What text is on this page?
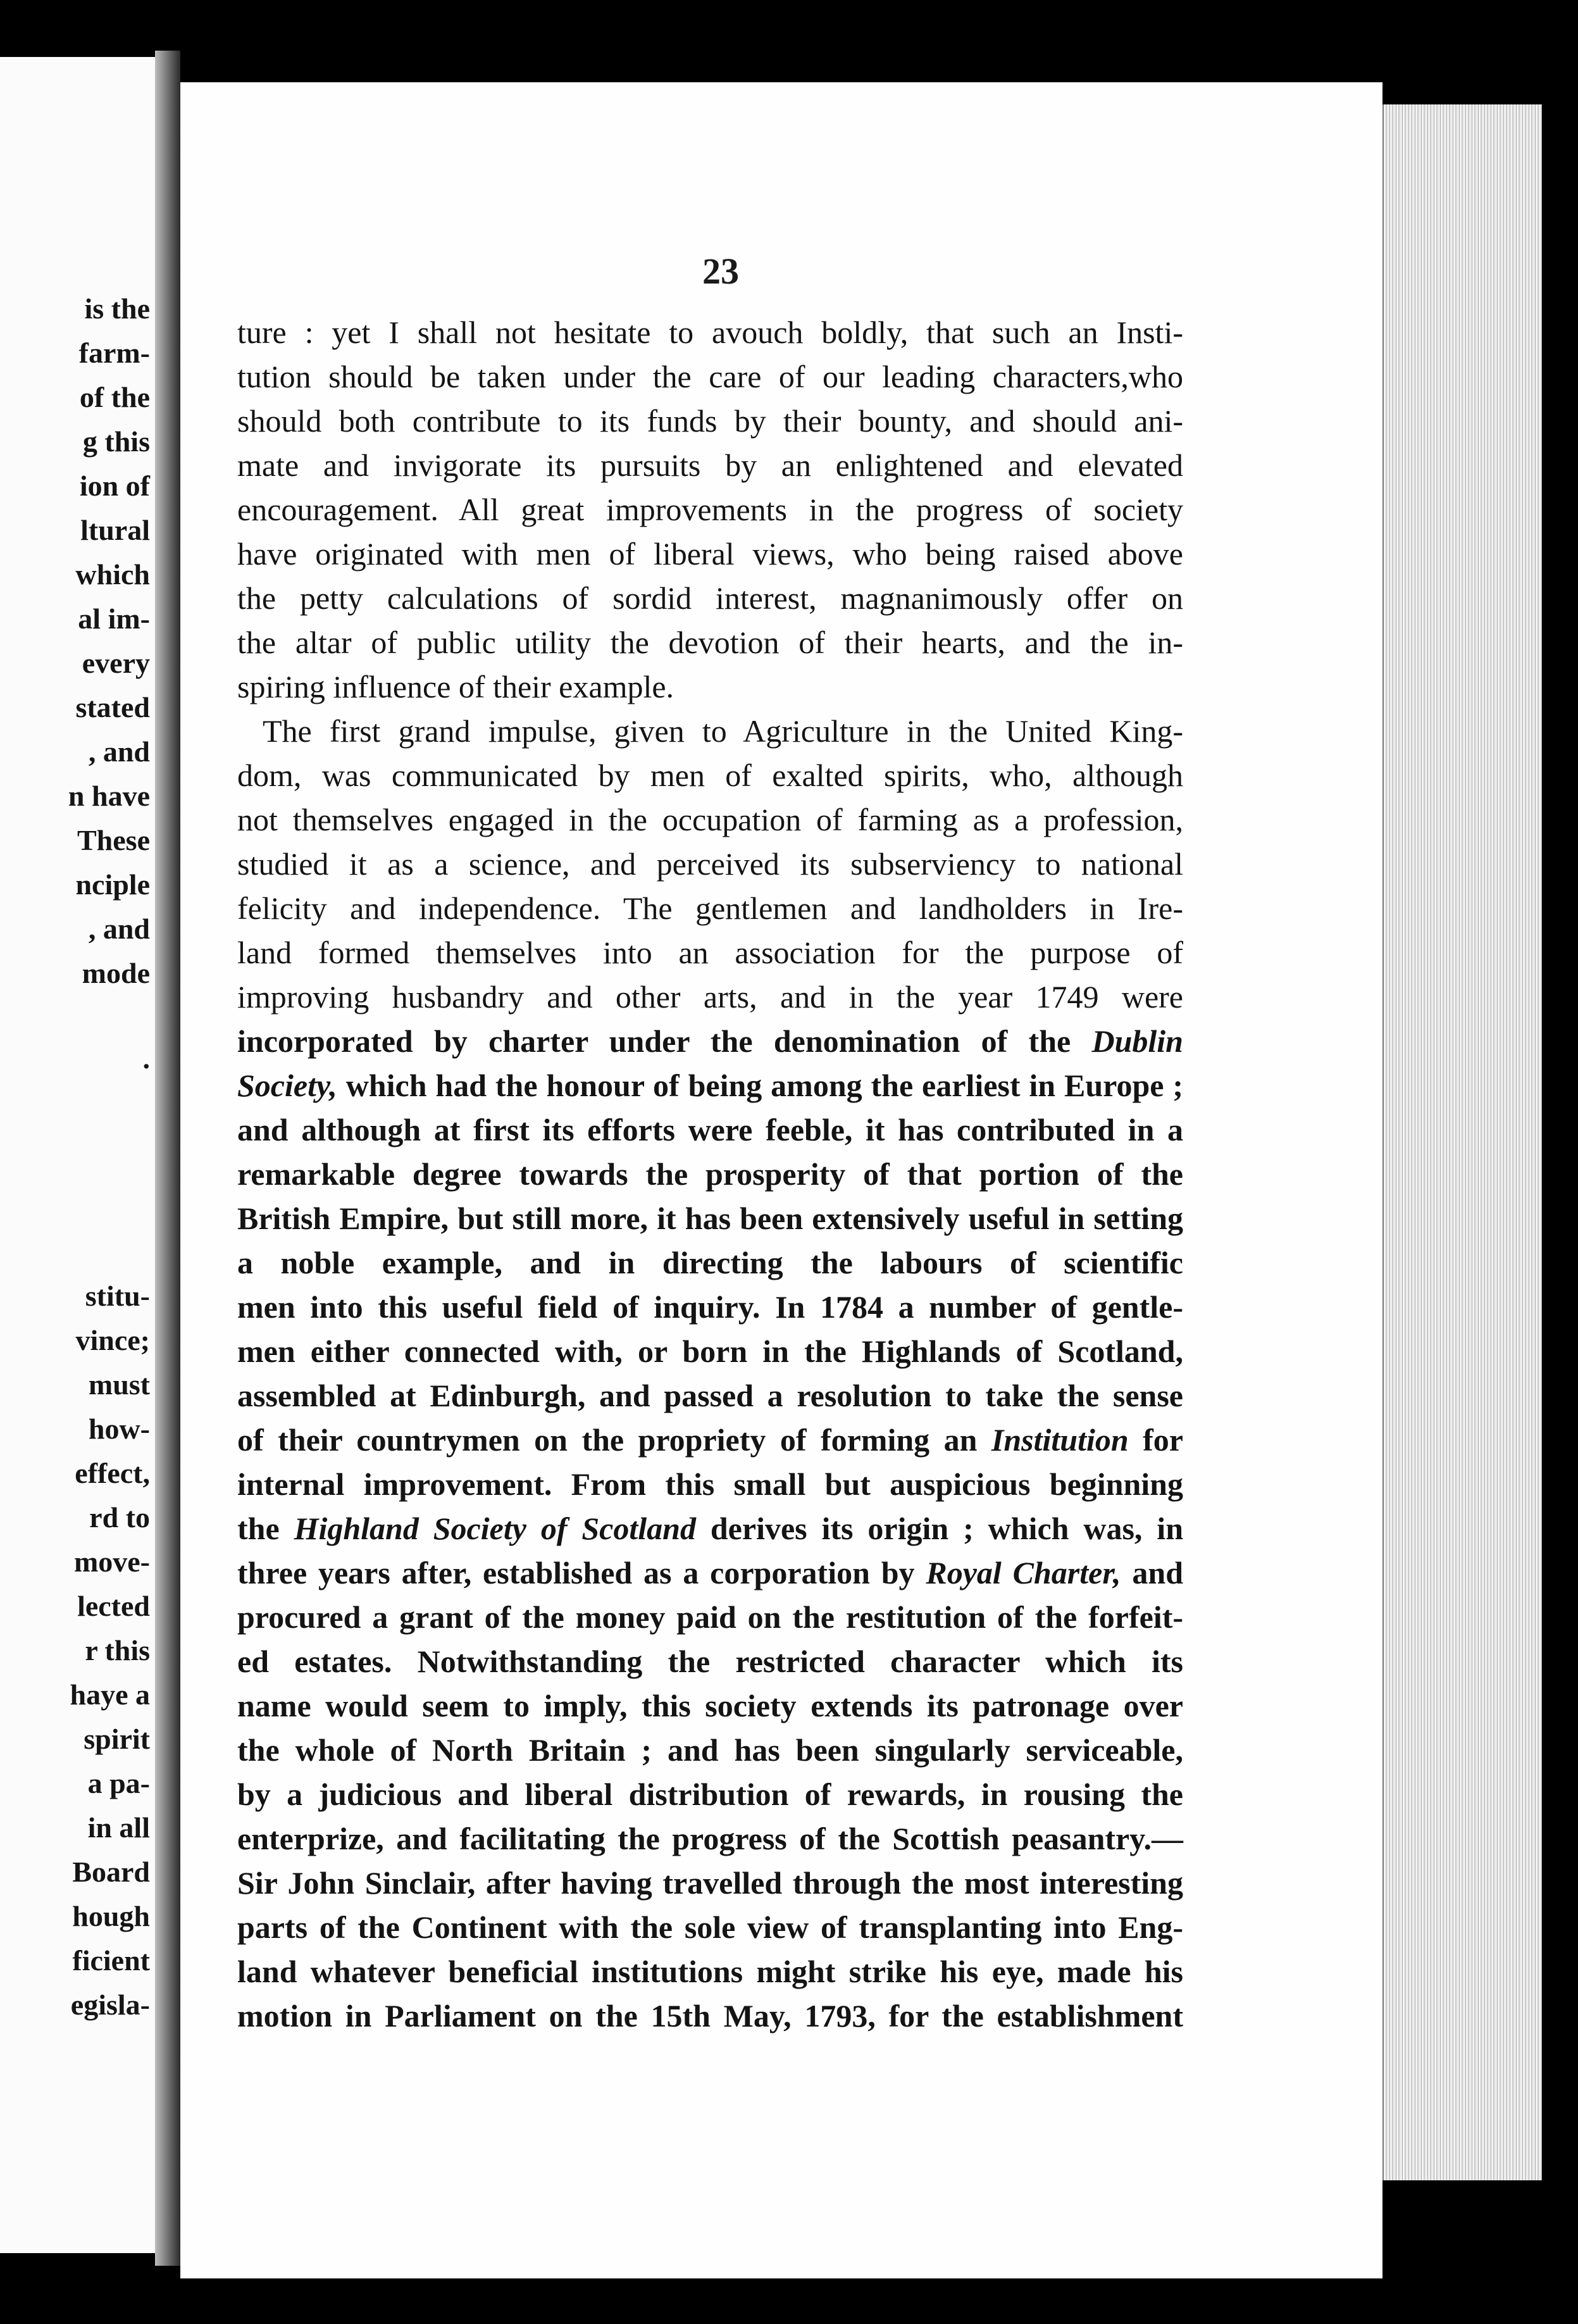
is the
farm-
of the
g this
ion of
ltural
which
al im-
every
stated
, and
n have
These
nciple
, and
mode
.
stitu-
vince;
must
how-
effect,
rd to
move-
lected
r this
haye a
spirit
a pa-
in all
Board
hough
ficient
egisla-
23
ture : yet I shall not hesitate to avouch boldly, that such an Insti-
tution should be taken under the care of our leading characters,who
should both contribute to its funds by their bounty, and should ani-
mate and invigorate its pursuits by an enlightened and elevated
encouragement. All great improvements in the progress of society
have originated with men of liberal views, who being raised above
the petty calculations of sordid interest, magnanimously offer on
the altar of public utility the devotion of their hearts, and the in-
spiring influence of their example.
The first grand impulse, given to Agriculture in the United King-
dom, was communicated by men of exalted spirits, who, although
not themselves engaged in the occupation of farming as a profession,
studied it as a science, and perceived its subserviency to national
felicity and independence. The gentlemen and landholders in Ire-
land formed themselves into an association for the purpose of
improving husbandry and other arts, and in the year 1749 were
incorporated by charter under the denomination of the Dublin
Society, which had the honour of being among the earliest in Europe ;
and although at first its efforts were feeble, it has contributed in a
remarkable degree towards the prosperity of that portion of the
British Empire, but still more, it has been extensively useful in setting
a noble example, and in directing the labours of scientific
men into this useful field of inquiry. In 1784 a number of gentle-
men either connected with, or born in the Highlands of Scotland,
assembled at Edinburgh, and passed a resolution to take the sense
of their countrymen on the propriety of forming an Institution for
internal improvement. From this small but auspicious beginning
the Highland Society of Scotland derives its origin ; which was, in
three years after, established as a corporation by Royal Charter, and
procured a grant of the money paid on the restitution of the forfeit-
ed estates. Notwithstanding the restricted character which its
name would seem to imply, this society extends its patronage over
the whole of North Britain ; and has been singularly serviceable,
by a judicious and liberal distribution of rewards, in rousing the
enterprize, and facilitating the progress of the Scottish peasantry.—
Sir John Sinclair, after having travelled through the most interesting
parts of the Continent with the sole view of transplanting into Eng-
land whatever beneficial institutions might strike his eye, made his
motion in Parliament on the 15th May, 1793, for the establishment
